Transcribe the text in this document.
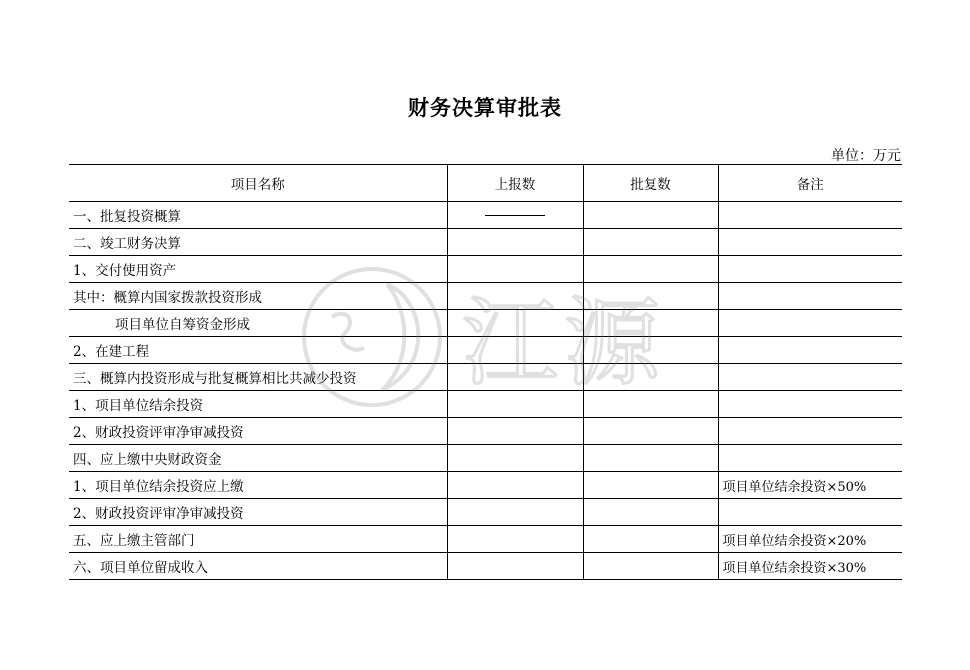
财务决算审批表
单位：万元
项目名称	上报数	批复数	备注
一、批复投资概算			
二、竣工财务决算			
1、交付使用资产			
其中：概算内国家拨款投资形成			
项目单位自筹资金形成			
2、在建工程			
三、概算内投资形成与批复概算相比共减少投资			
1、项目单位结余投资			
2、财政投资评审净审减投资			
四、应上缴中央财政资金			
1、项目单位结余投资应上缴			项目单位结余投资×50%
2、财政投资评审净审减投资			
五、应上缴主管部门			项目单位结余投资×20%
六、项目单位留成收入			项目单位结余投资×30%
江源
